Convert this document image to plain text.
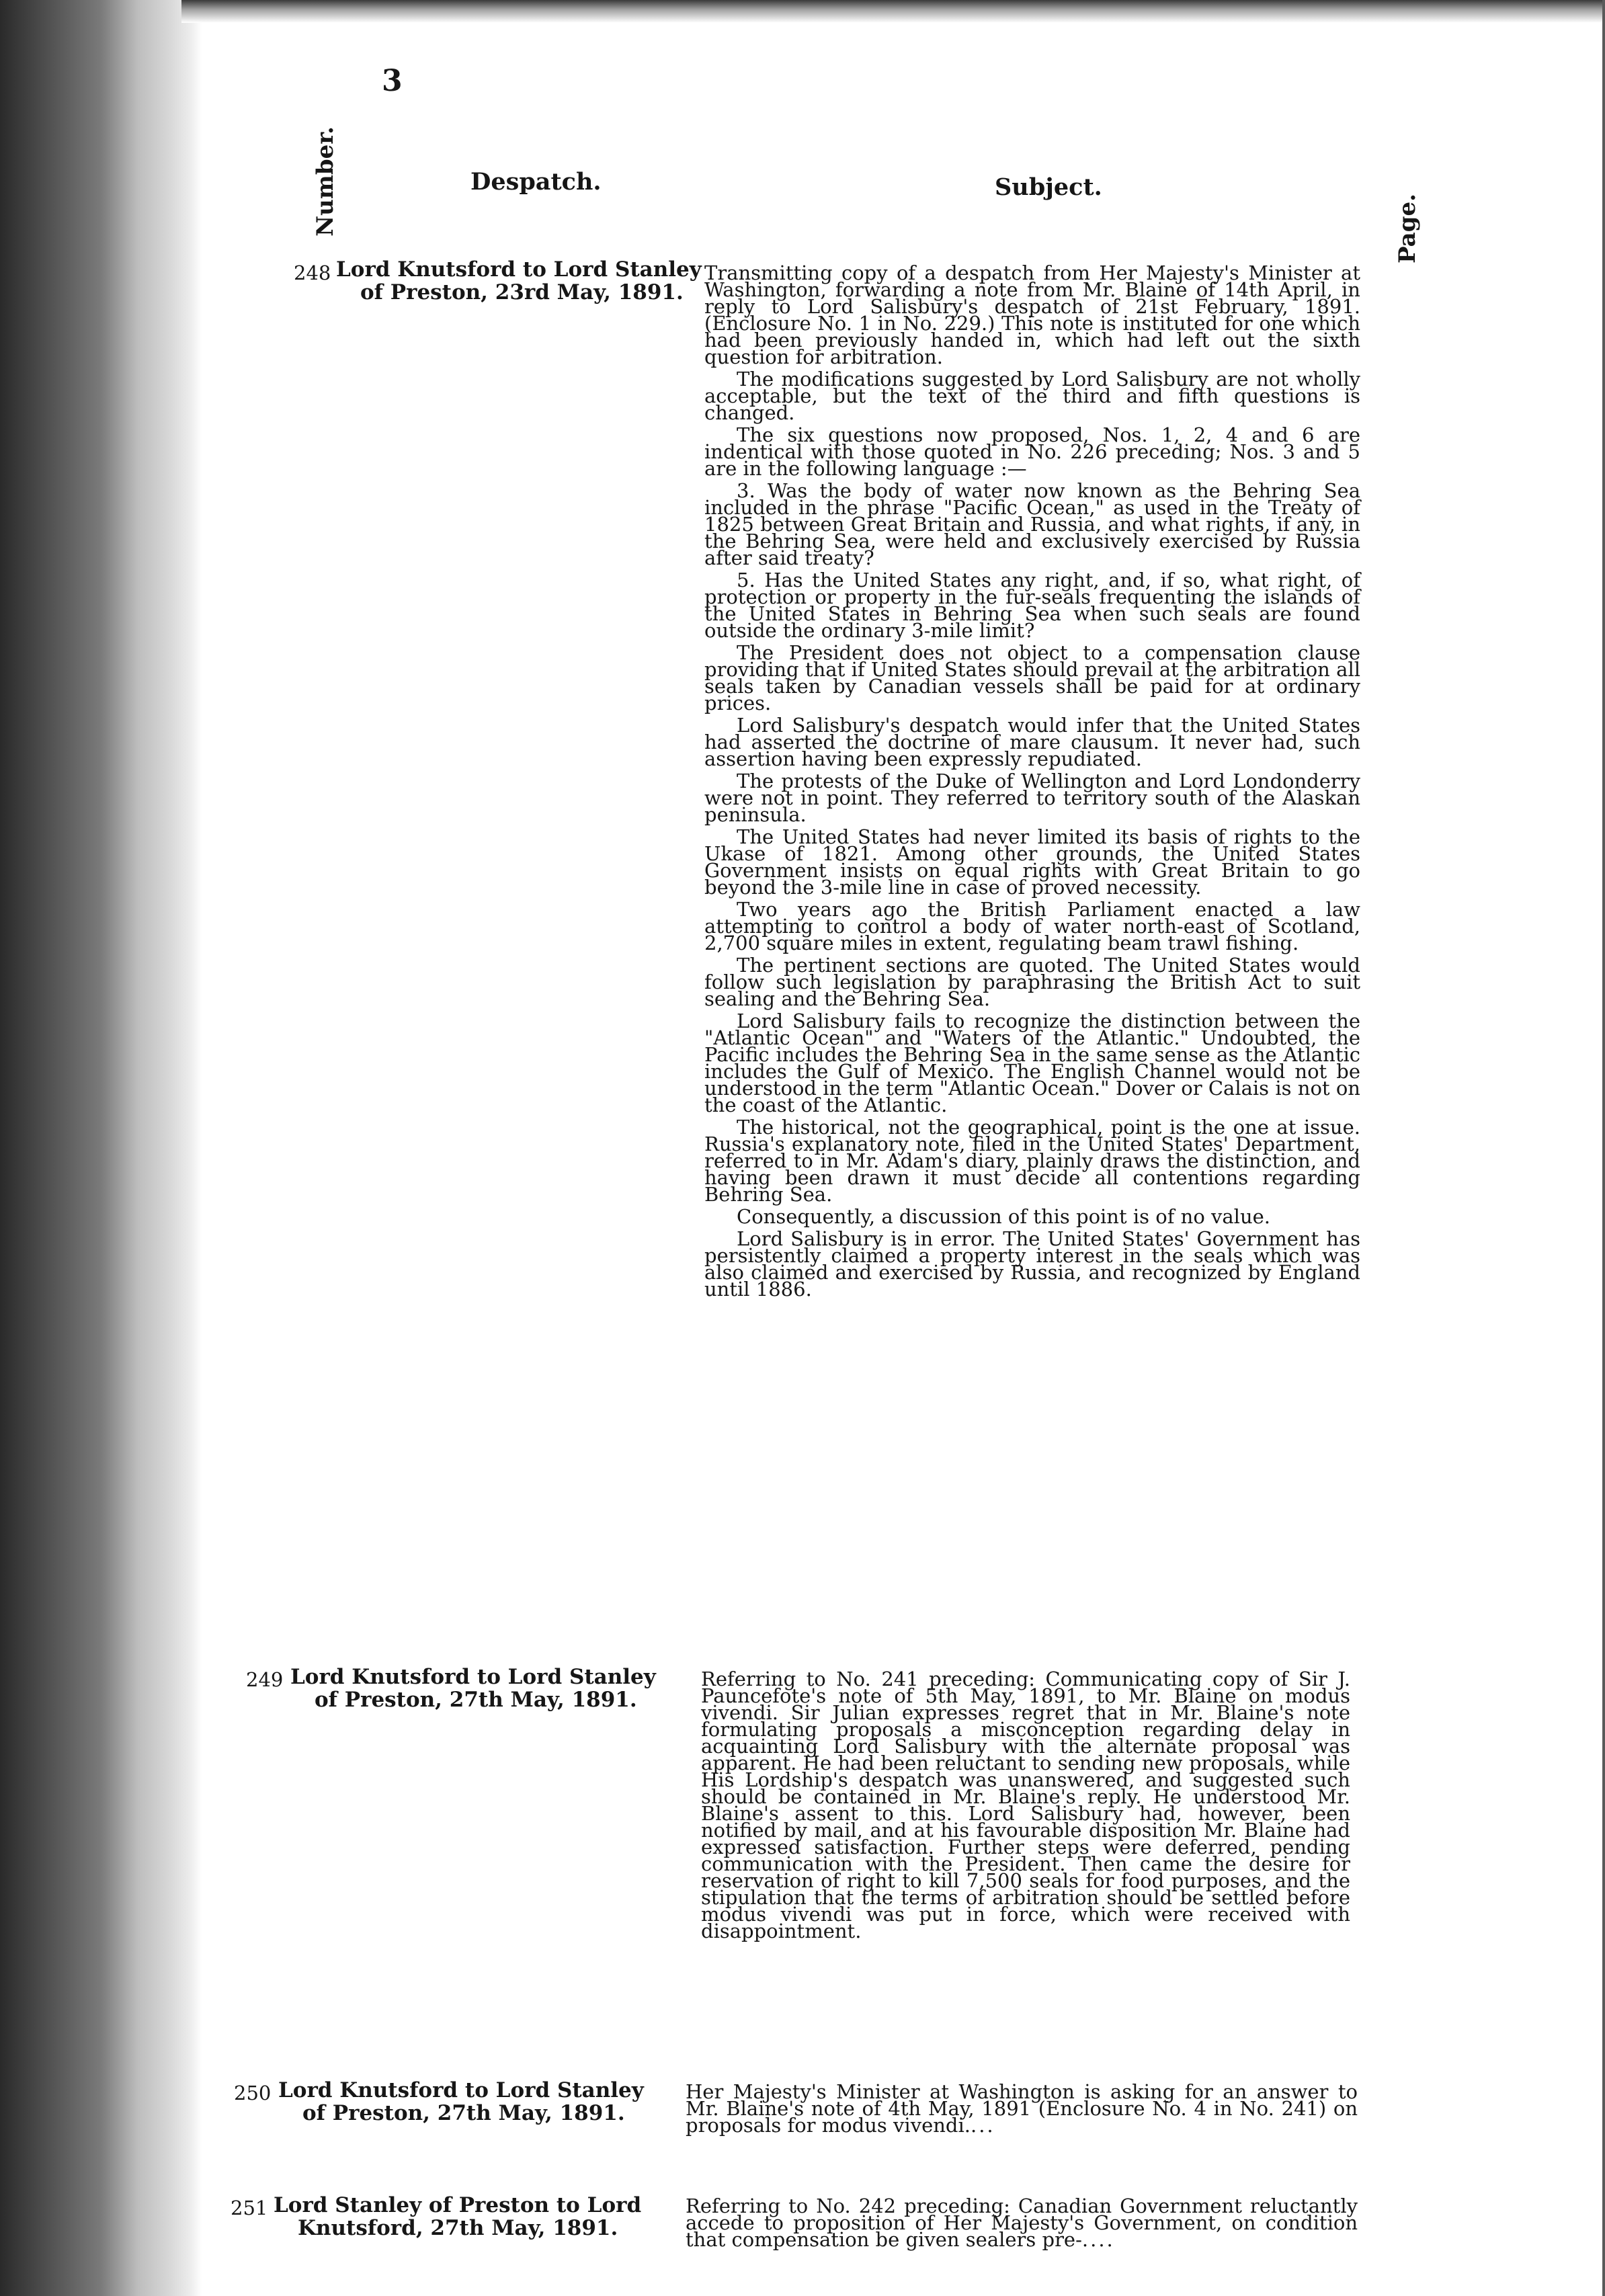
3
Number.	Despatch.	Subject.
Page.
248 Lord Knutsford to Lord Stanley
of Preston, 23rd May, 1891.

Transmitting copy of a despatch from Her Majesty's Minister at Washington, forwarding a note from Mr. Blaine of 14th April, in reply to Lord Salisbury's despatch of 21st February, 1891. (Enclosure No. 1 in No. 229.) This note is instituted for one which had been previously handed in, which had left out the sixth question for arbitration.

The modifications suggested by Lord Salisbury are not wholly acceptable, but the text of the third and fifth questions is changed.

The six questions now proposed, Nos. 1, 2, 4 and 6 are indentical with those quoted in No. 226 preceding; Nos. 3 and 5 are in the following language :—

3. Was the body of water now known as the Behring Sea included in the phrase "Pacific Ocean," as used in the Treaty of 1825 between Great Britain and Russia, and what rights, if any, in the Behring Sea, were held and exclusively exercised by Russia after said treaty?

5. Has the United States any right, and, if so, what right, of protection or property in the fur-seals frequenting the islands of the United States in Behring Sea when such seals are found outside the ordinary 3-mile limit?

The President does not object to a compensation clause providing that if United States should prevail at the arbitration all seals taken by Canadian vessels shall be paid for at ordinary prices.

Lord Salisbury's despatch would infer that the United States had asserted the doctrine of mare clausum. It never had, such assertion having been expressly repudiated.

The protests of the Duke of Wellington and Lord Londonderry were not in point. They referred to territory south of the Alaskan peninsula.

The United States had never limited its basis of rights to the Ukase of 1821. Among other grounds, the United States Government insists on equal rights with Great Britain to go beyond the 3-mile line in case of proved necessity.

Two years ago the British Parliament enacted a law attempting to control a body of water north-east of Scotland, 2,700 square miles in extent, regulating beam trawl fishing.

The pertinent sections are quoted. The United States would follow such legislation by paraphrasing the British Act to suit sealing and the Behring Sea.

Lord Salisbury fails to recognize the distinction between the "Atlantic Ocean" and "Waters of the Atlantic." Undoubted, the Pacific includes the Behring Sea in the same sense as the Atlantic includes the Gulf of Mexico. The English Channel would not be understood in the term "Atlantic Ocean." Dover or Calais is not on the coast of the Atlantic.

The historical, not the geographical, point is the one at issue. Russia's explanatory note, filed in the United States' Department, referred to in Mr. Adam's diary, plainly draws the distinction, and having been drawn it must decide all contentions regarding Behring Sea.

Consequently, a discussion of this point is of no value.

Lord Salisbury is in error. The United States' Government has persistently claimed a property interest in the seals which was also claimed and exercised by Russia, and recognized by England until 1886.

249 Lord Knutsford to Lord Stanley
of Preston, 27th May, 1891.

Referring to No. 241 preceding: Communicating copy of Sir J. Pauncefote's note of 5th May, 1891, to Mr. Blaine on modus vivendi. Sir Julian expresses regret that in Mr. Blaine's note formulating proposals a misconception regarding delay in acquainting Lord Salisbury with the alternate proposal was apparent. He had been reluctant to sending new proposals, while His Lordship's despatch was unanswered, and suggested such should be contained in Mr. Blaine's reply. He understood Mr. Blaine's assent to this. Lord Salisbury had, however, been notified by mail, and at his favourable disposition Mr. Blaine had expressed satisfaction. Further steps were deferred, pending communication with the President. Then came the desire for reservation of right to kill 7,500 seals for food purposes, and the stipulation that the terms of arbitration should be settled before modus vivendi was put in force, which were received with disappointment.

250 Lord Knutsford to Lord Stanley
of Preston, 27th May, 1891.

Her Majesty's Minister at Washington is asking for an answer to Mr. Blaine's note of 4th May, 1891 (Enclosure No. 4 in No. 241) on proposals for modus vivendi....

251 Lord Stanley of Preston to Lord
Knutsford, 27th May, 1891.

Referring to No. 242 preceding: Canadian Government reluctantly accede to proposition of Her Majesty's Government, on condition that compensation be given sealers pre-....
